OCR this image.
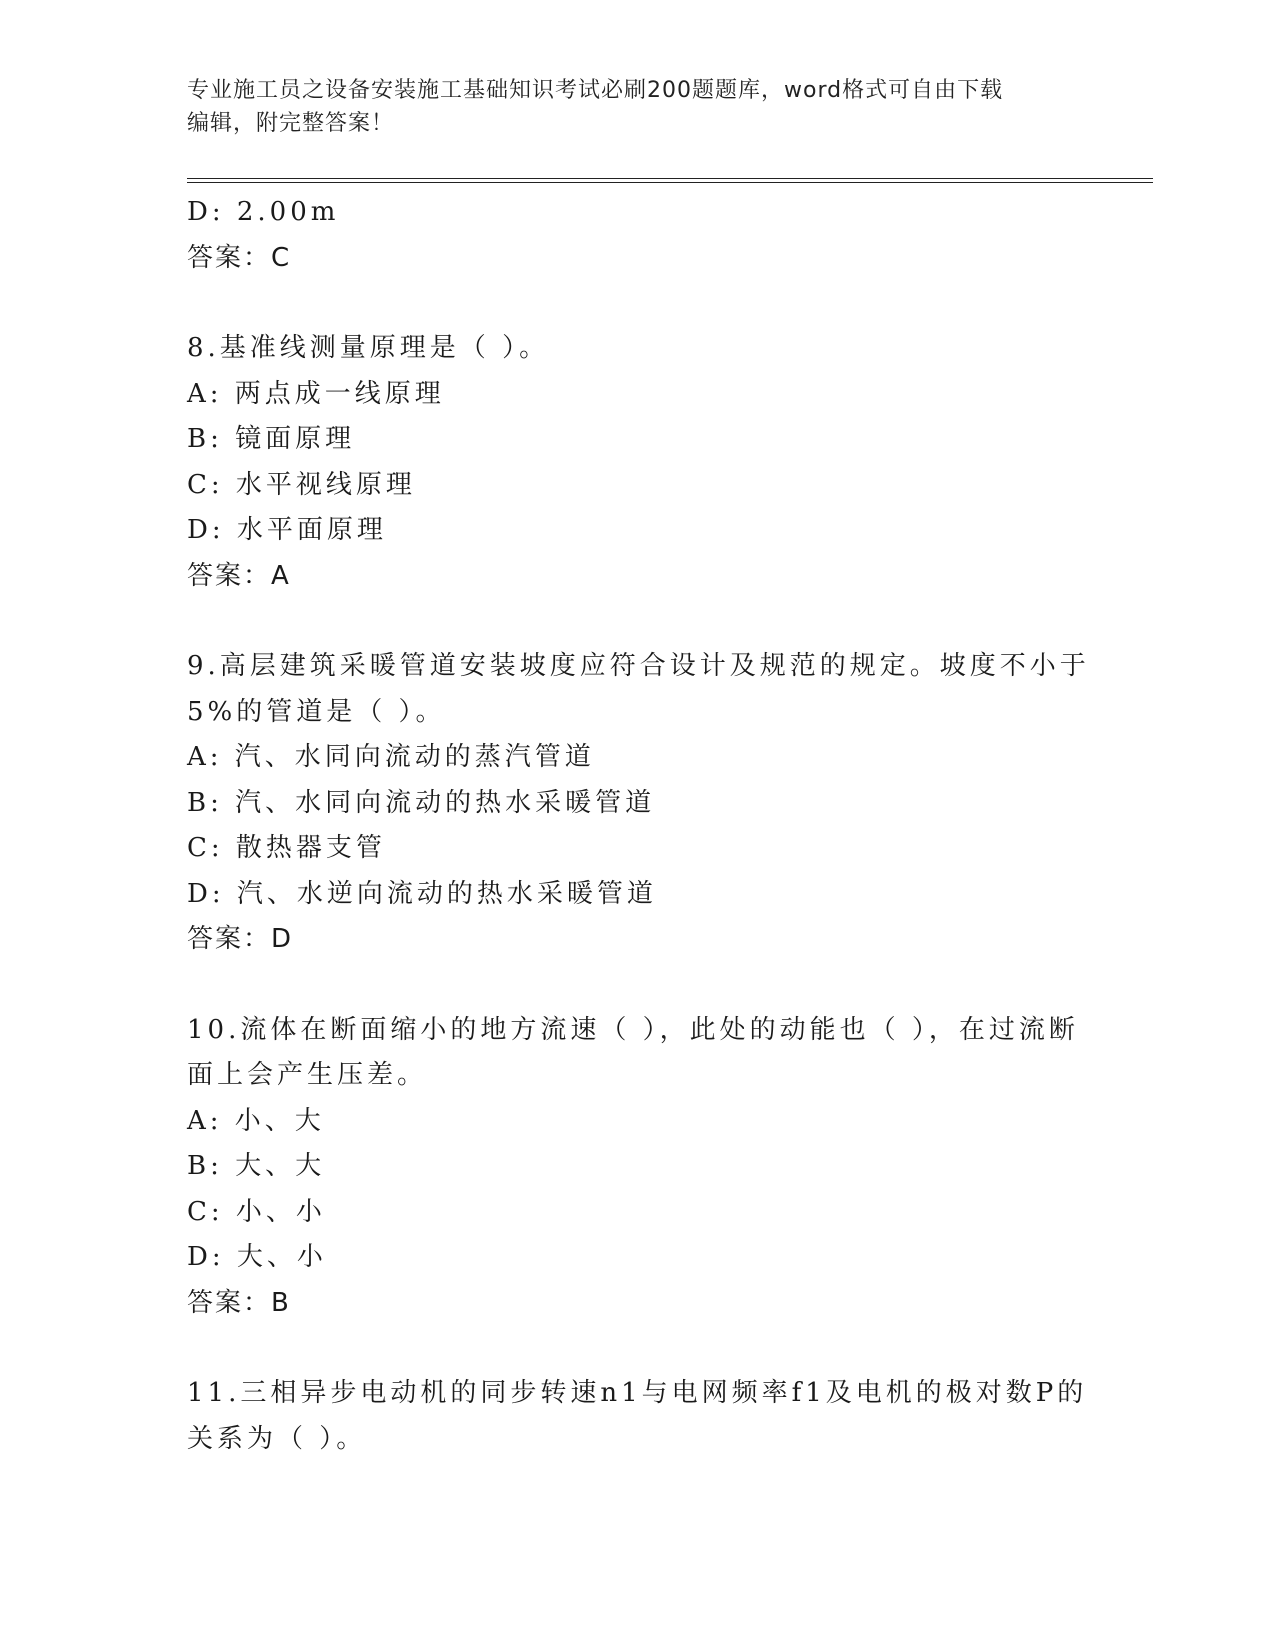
专业施工员之设备安装施工基础知识考试必刷200题题库，word格式可自由下载
编辑，附完整答案！
D: 2.00m
答案：C
8.基准线测量原理是（ ）。
A: 两点成一线原理
B: 镜面原理
C: 水平视线原理
D: 水平面原理
答案：A
9.高层建筑采暖管道安装坡度应符合设计及规范的规定。坡度不小于
5%的管道是（ ）。
A: 汽、水同向流动的蒸汽管道
B: 汽、水同向流动的热水采暖管道
C: 散热器支管
D: 汽、水逆向流动的热水采暖管道
答案：D
10.流体在断面缩小的地方流速（ ），此处的动能也（ ），在过流断
面上会产生压差。
A: 小、大
B: 大、大
C: 小、小
D: 大、小
答案：B
11.三相异步电动机的同步转速n1与电网频率f1及电机的极对数P的
关系为（ ）。
